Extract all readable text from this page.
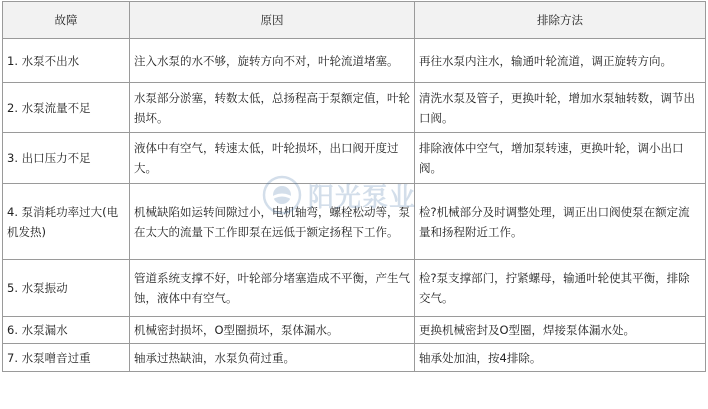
故障	原因	排除方法
1. 水泵不出水	注入水泵的水不够，旋转方向不对，叶轮流道堵塞。	再往水泵内注水，输通叶轮流道，调正旋转方向。
2. 水泵流量不足	水泵部分淤塞，转数太低，总扬程高于泵额定值，叶轮损坏。	清洗水泵及管子，更换叶轮，增加水泵轴转数，调节出口阀。
3. 出口压力不足	液体中有空气，转速太低，叶轮损坏，出口阀开度过大。	排除液体中空气，增加泵转速，更换叶轮，调小出口阀。
4. 泵消耗功率过大(电机发热)	机械缺陷如运转间隙过小，电机轴弯，螺栓松动等，泵在太大的流量下工作即泵在远低于额定扬程下工作。	检?机械部分及时调整处理，调正出口阀使泵在额定流量和扬程附近工作。
5. 水泵振动	管道系统支撑不好，叶轮部分堵塞造成不平衡，产生气蚀，液体中有空气。	检?泵支撑部门，拧紧螺母，输通叶轮使其平衡，排除交气。
6. 水泵漏水	机械密封损坏，O型圈损坏，泵体漏水。	更换机械密封及O型圈，焊接泵体漏水处。
7. 水泵噌音过重	轴承过热缺油，水泵负荷过重。	轴承处加油，按4排除。
阳光泵业
